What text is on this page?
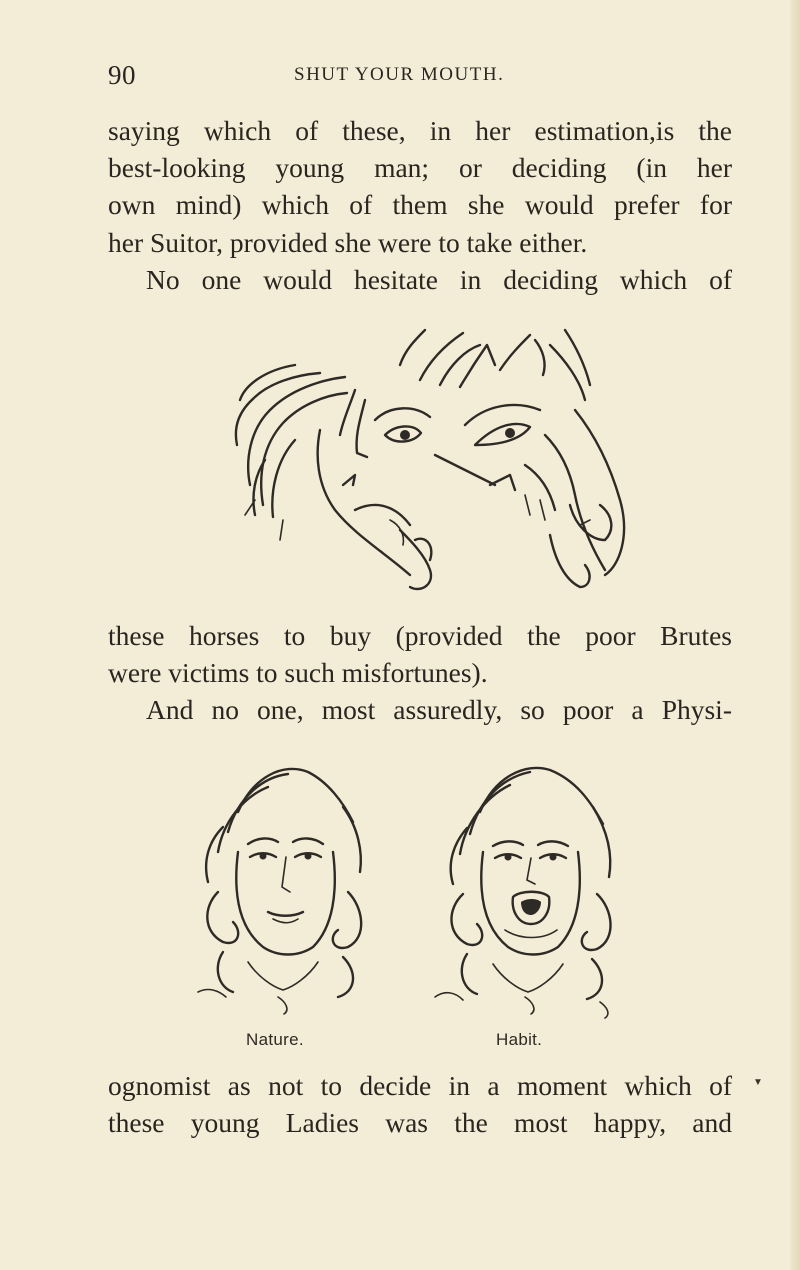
90	SHUT YOUR MOUTH.
saying which of these, in her estimation,is the
best-looking young man; or deciding (in her
own mind) which of them she would prefer for
her Suitor, provided she were to take either.
No one would hesitate in deciding which of
these horses to buy (provided the poor Brutes
were victims to such misfortunes).
And no one, most assuredly, so poor a Physi-
Nature.	Habit.
▼
ognomist as not to decide in a moment which of
these young Ladies was the most happy, and
